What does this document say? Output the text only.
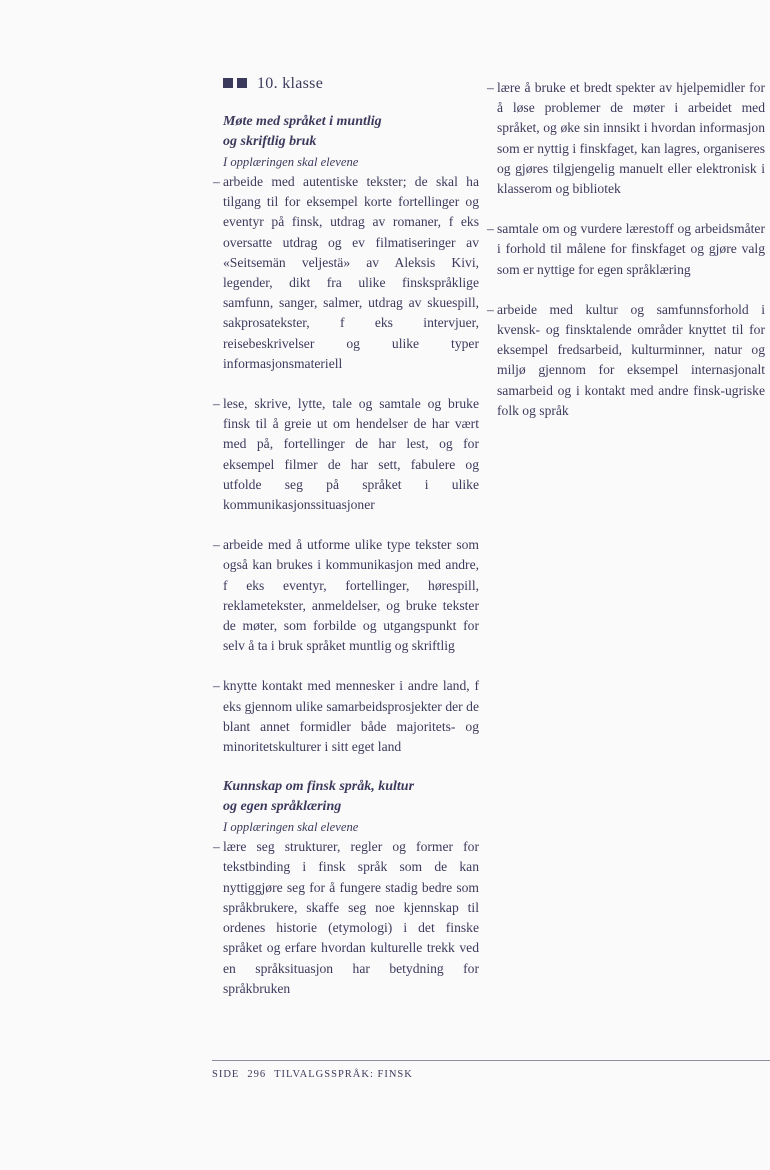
10. klasse
Møte med språket i muntlig
og skriftlig bruk
I opplæringen skal elevene
– arbeide med autentiske tekster; de skal ha tilgang til for eksempel korte fortellinger og eventyr på finsk, utdrag av romaner, f eks oversatte utdrag og ev filmatiseringer av «Seitsemän veljestä» av Aleksis Kivi, legender, dikt fra ulike finskspråklige samfunn, sanger, salmer, utdrag av skuespill, sakprosatekster, f eks intervjuer, reisebeskrivelser og ulike typer informasjonsmateriell
– lese, skrive, lytte, tale og samtale og bruke finsk til å greie ut om hendelser de har vært med på, fortellinger de har lest, og for eksempel filmer de har sett, fabulere og utfolde seg på språket i ulike kommunikasjonssituasjoner
– arbeide med å utforme ulike type tekster som også kan brukes i kommunikasjon med andre, f eks eventyr, fortellinger, hørespill, reklametekster, anmeldelser, og bruke tekster de møter, som forbilde og utgangspunkt for selv å ta i bruk språket muntlig og skriftlig
– knytte kontakt med mennesker i andre land, f eks gjennom ulike samarbeidsprosjekter der de blant annet formidler både majoritets- og minoritetskulturer i sitt eget land
Kunnskap om finsk språk, kultur
og egen språklæring
I opplæringen skal elevene
– lære seg strukturer, regler og former for tekstbinding i finsk språk som de kan nyttiggjøre seg for å fungere stadig bedre som språkbrukere, skaffe seg noe kjennskap til ordenes historie (etymologi) i det finske språket og erfare hvordan kulturelle trekk ved en språksituasjon har betydning for språkbruken
– lære å bruke et bredt spekter av hjelpemidler for å løse problemer de møter i arbeidet med språket, og øke sin innsikt i hvordan informasjon som er nyttig i finskfaget, kan lagres, organiseres og gjøres tilgjengelig manuelt eller elektronisk i klasserom og bibliotek
– samtale om og vurdere lærestoff og arbeidsmåter i forhold til målene for finskfaget og gjøre valg som er nyttige for egen språklæring
– arbeide med kultur og samfunnsforhold i kvensk- og finsktalende områder knyttet til for eksempel fredsarbeid, kulturminner, natur og miljø gjennom for eksempel internasjonalt samarbeid og i kontakt med andre finsk-ugriske folk og språk
SIDE 296 TILVALGSSPRÅK: FINSK
